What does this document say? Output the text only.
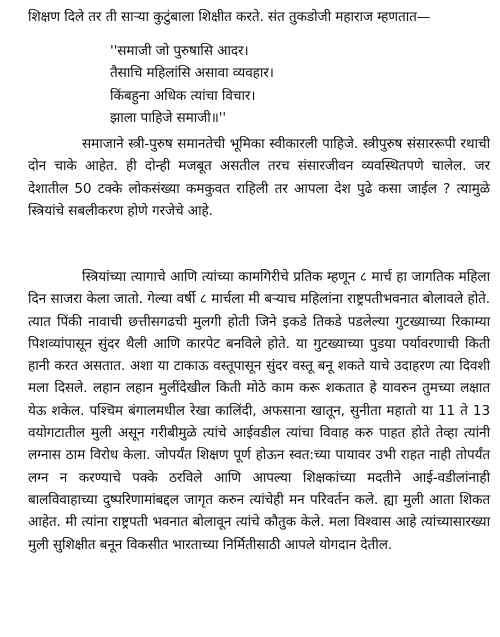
शिक्षण दिले तर ती साऱ्या कुटुंबाला शिक्षीत करते. संत तुकडोजी महाराज म्हणतात—
''समाजी जो पुरुषासि आदर।
तैसाचि महिलांसि असावा व्यवहार।
किंबहुना अधिक त्यांचा विचार।
झाला पाहिजे समाजी॥''

समाजाने स्त्री-पुरुष समानतेची भूमिका स्वीकारली पाहिजे. स्त्रीपुरुष संसाररूपी रथाची दोन चाके आहेत. ही दोन्ही मजबूत असतील तरच संसारजीवन व्यवस्थितपणे चालेल. जर देशातील 50 टक्के लोकसंख्या कमकुवत राहिली तर आपला देश पुढे कसा जाईल ? त्यामुळे स्त्रियांचे सबलीकरण होणे गरजेचे आहे.

स्त्रियांच्या त्यागाचे आणि त्यांच्या कामगिरीचे प्रतिक म्हणून ८ मार्च हा जागतिक महिला दिन साजरा केला जातो. गेल्या वर्षी ८ मार्चला मी बऱ्याच महिलांना राष्ट्रपतीभवनात बोलावले होते. त्यात पिंकी नावाची छत्तीसगढची मुलगी होती जिने इकडे तिकडे पडलेल्या गुटख्याच्या रिकाम्या पिशव्यांपासून सुंदर थैली आणि कारपेट बनविले होते. या गुटख्याच्या पुडया पर्यावरणाची किती हानी करत असतात. अशा या टाकाऊ वस्तूपासून सुंदर वस्तू बनू शकते याचे उदाहरण त्या दिवशी मला दिसले. लहान लहान मुलींदेखील किती मोठे काम करू शकतात हे यावरुन तुमच्या लक्षात येऊ शकेल. पश्चिम बंगालमधील रेखा कालिंदी, अफसाना खातून, सुनीता महातो या 11 ते 13 वयोगटातील मुली असून गरीबीमुळे त्यांचे आईवडील त्यांचा विवाह करु पाहत होते तेव्हा त्यांनी लग्नास ठाम विरोध केला. जोपर्यंत शिक्षण पूर्ण होऊन स्वत:च्या पायावर उभी राहत नाही तोपर्यंत लग्न न करण्याचे पक्के ठरविले आणि आपल्या शिक्षकांच्या मदतीने आई-वडीलांनाही बालविवाहाच्या दुष्परिणामांबद्दल जागृत करुन त्यांचेही मन परिवर्तन कले. ह्या मुली आता शिकत आहेत. मी त्यांना राष्ट्रपती भवनात बोलावून त्यांचे कौतुक केले. मला विश्वास आहे त्यांच्यासारख्या मुली सुशिक्षीत बनून विकसीत भारताच्या निर्मितीसाठी आपले योगदान देतील.
